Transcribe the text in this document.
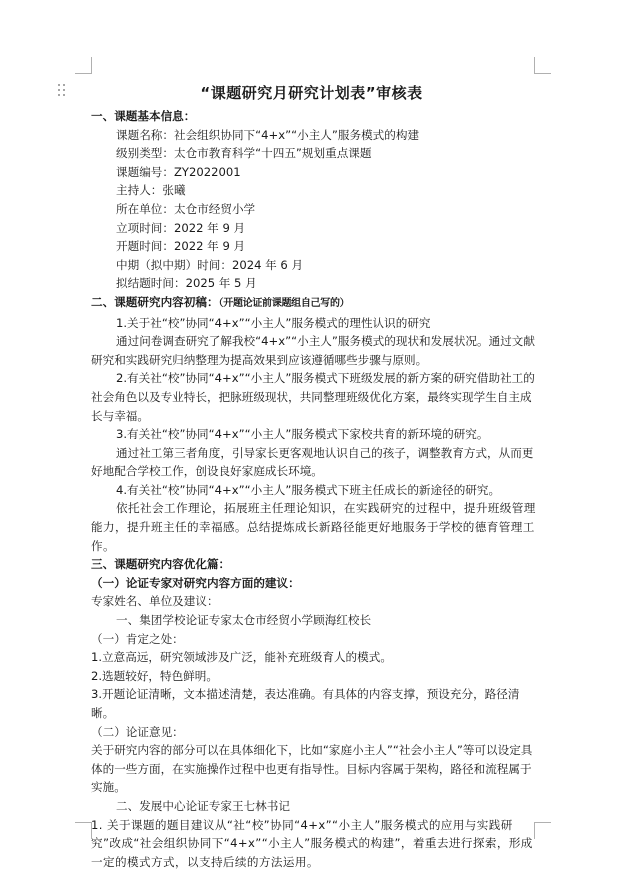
“课题研究月研究计划表”审核表

一、课题基本信息：

课题名称：社会组织协同下“4+x”“小主人”服务模式的构建

级别类型：太仓市教育科学“十四五”规划重点课题

课题编号：ZY2022001

主持人：张曦

所在单位：太仓市经贸小学

立项时间：2022 年 9 月

开题时间：2022 年 9 月

中期（拟中期）时间：2024 年 6 月

拟结题时间：2025 年 5 月

二、课题研究内容初稿：（开题论证前课题组自己写的）

1.关于社“校”协同“4+x”“小主人”服务模式的理性认识的研究

通过问卷调查研究了解我校“4+x”“小主人”服务模式的现状和发展状况。通过文献研究和实践研究归纳整理为提高效果到应该遵循哪些步骤与原则。

2.有关社“校”协同“4+x”“小主人”服务模式下班级发展的新方案的研究借助社工的社会角色以及专业特长，把脉班级现状，共同整理班级优化方案，最终实现学生自主成长与幸福。

3.有关社“校”协同“4+x”“小主人”服务模式下家校共育的新环境的研究。

通过社工第三者角度，引导家长更客观地认识自己的孩子，调整教育方式，从而更好地配合学校工作，创设良好家庭成长环境。

4.有关社“校”协同“4+x”“小主人”服务模式下班主任成长的新途径的研究。

依托社会工作理论，拓展班主任理论知识，在实践研究的过程中，提升班级管理能力，提升班主任的幸福感。总结提炼成长新路径能更好地服务于学校的德育管理工作。

三、课题研究内容优化篇：

（一）论证专家对研究内容方面的建议：

专家姓名、单位及建议：

一、集团学校论证专家太仓市经贸小学顾海红校长

（一）肯定之处：

1.立意高远，研究领域涉及广泛，能补充班级育人的模式。

2.选题较好，特色鲜明。

3.开题论证清晰，文本描述清楚，表达准确。有具体的内容支撑，预设充分，路径清晰。

（二）论证意见：

关于研究内容的部分可以在具体细化下，比如“家庭小主人”“社会小主人”等可以设定具体的一些方面，在实施操作过程中也更有指导性。目标内容属于架构，路径和流程属于实施。

二、发展中心论证专家王七林书记

1. 关于课题的题目建议从“社“校”协同“4+x”“小主人”服务模式的应用与实践研究”改成“社会组织协同下“4+x”“小主人”服务模式的构建”，着重去进行探索，形成一定的模式方式，以支持后续的方法运用。
